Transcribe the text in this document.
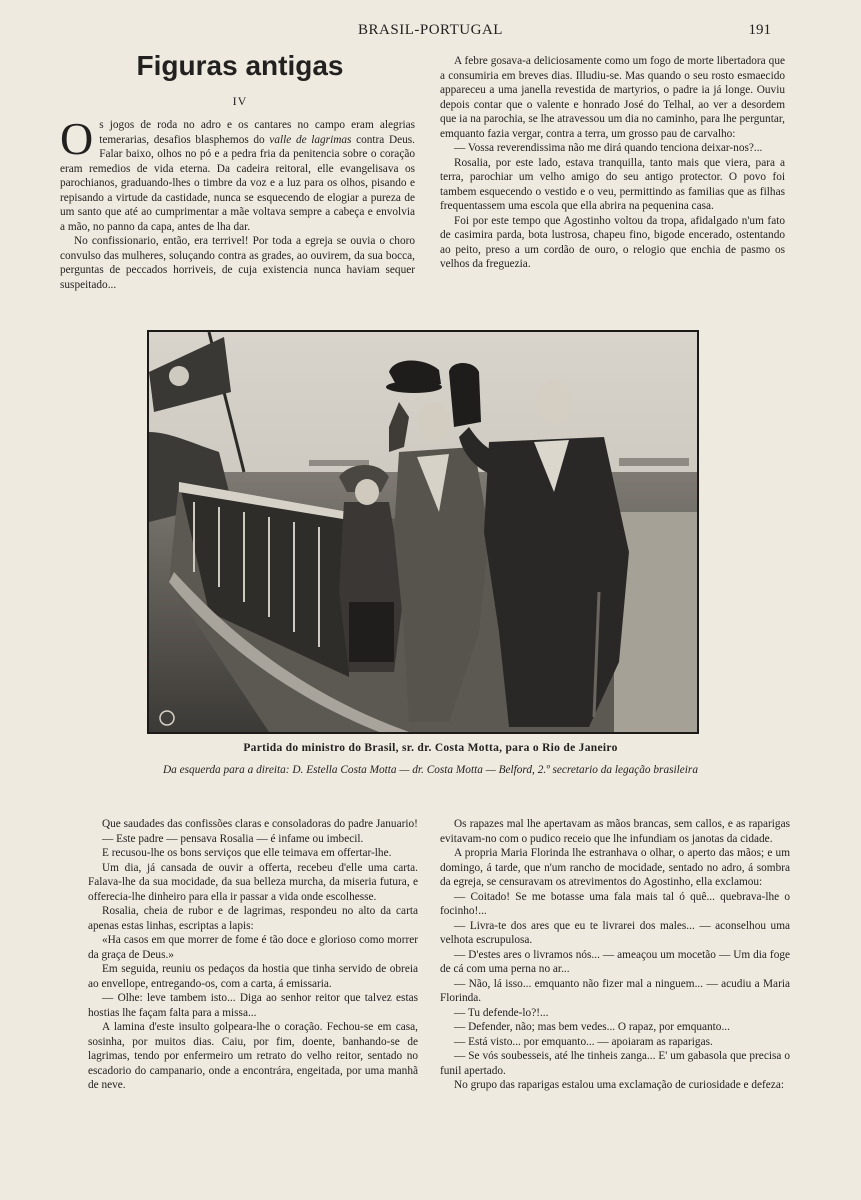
BRASIL-PORTUGAL	191
Figuras antigas
IV

Os jogos de roda no adro e os cantares no campo eram alegrias temerarias, desafios blasphemos do valle de lagrimas contra Deus. Falar baixo, olhos no pó e a pedra fria da penitencia sobre o coração eram remedios de vida eterna. Da cadeira reitoral, elle evangelisava os parochianos, graduando-lhes o timbre da voz e a luz para os olhos, pisando e repisando a virtude da castidade, nunca se esquecendo de elogiar a pureza de um santo que até ao cumprimentar a mãe voltava sempre a cabeça e envolvia a mão, no panno da capa, antes de lha dar.

No confissionario, então, era terrivel! Por toda a egreja se ouvia o choro convulso das mulheres, soluçando contra as grades, ao ouvirem, da sua bocca, perguntas de peccados horriveis, de cuja existencia nunca haviam sequer suspeitado...

A febre gosava-a deliciosamente como um fogo de morte libertadora que a consumiria em breves dias. Illudiu-se. Mas quando o seu rosto esmaecido appareceu a uma janella revestida de martyrios, o padre ia já longe. Ouviu depois contar que o valente e honrado José do Telhal, ao ver a desordem que ia na parochia, se lhe atravessou um dia no caminho, para lhe perguntar, emquanto fazia vergar, contra a terra, um grosso pau de carvalho:

— Vossa reverendissima não me dirá quando tenciona deixar-nos?...

Rosalia, por este lado, estava tranquilla, tanto mais que viera, para a terra, parochiar um velho amigo do seu antigo protector. O povo foi tambem esquecendo o vestido e o veu, permittindo as familias que as filhas frequentassem uma escola que ella abrira na pequenina casa.

Foi por este tempo que Agostinho voltou da tropa, afidalgado n'um fato de casimira parda, bota lustrosa, chapeu fino, bigode encerado, ostentando ao peito, preso a um cordão de ouro, o relogio que enchia de pasmo os velhos da freguezia.

Partida do ministro do Brasil, sr. dr. Costa Motta, para o Rio de Janeiro
Da esquerda para a direita: D. Estella Costa Motta — dr. Costa Motta — Belford, 2.º secretario da legação brasileira

Que saudades das confissões claras e consoladoras do padre Januario!

— Este padre — pensava Rosalia — é infame ou imbecil.

E recusou-lhe os bons serviços que elle teimava em offertar-lhe.

Um dia, já cansada de ouvir a offerta, recebeu d'elle uma carta. Falava-lhe da sua mocidade, da sua belleza murcha, da miseria futura, e offerecia-lhe dinheiro para ella ir passar a vida onde escolhesse.

Rosalia, cheia de rubor e de lagrimas, respondeu no alto da carta apenas estas linhas, escriptas a lapis:

«Ha casos em que morrer de fome é tão doce e glorioso como morrer da graça de Deus.»

Em seguida, reuniu os pedaços da hostia que tinha servido de obreia ao envellope, entregando-os, com a carta, á emissaria.

— Olhe: leve tambem isto... Diga ao senhor reitor que talvez estas hostias lhe façam falta para a missa...

A lamina d'este insulto golpeara-lhe o coração. Fechou-se em casa, sosinha, por muitos dias. Caiu, por fim, doente, banhando-se de lagrimas, tendo por enfermeiro um retrato do velho reitor, sentado no escadorio do campanario, onde a encontrára, engeitada, por uma manhã de neve.

Os rapazes mal lhe apertavam as mãos brancas, sem callos, e as raparigas evitavam-no com o pudico receio que lhe infundiam os janotas da cidade.

A propria Maria Florinda lhe estranhava o olhar, o aperto das mãos; e um domingo, á tarde, que n'um rancho de mocidade, sentado no adro, á sombra da egreja, se censuravam os atrevimentos do Agostinho, ella exclamou:

— Coitado! Se me botasse uma fala mais tal ó quê... quebrava-lhe o focinho!...

— Livra-te dos ares que eu te livrarei dos males... — aconselhou uma velhota escrupulosa.

— D'estes ares o livramos nós... — ameaçou um mocetão — Um dia foge de cá com uma perna no ar...

— Não, lá isso... emquanto não fizer mal a ninguem... — acudiu a Maria Florinda.

— Tu defende-lo?!...

— Defender, não; mas bem vedes... O rapaz, por emquanto...

— Está visto... por emquanto... — apoiaram as raparigas.

— Se vós soubesseis, até lhe tinheis zanga... E' um gabasola que precisa o funil apertado.

No grupo das raparigas estalou uma exclamação de curiosidade e defeza:
